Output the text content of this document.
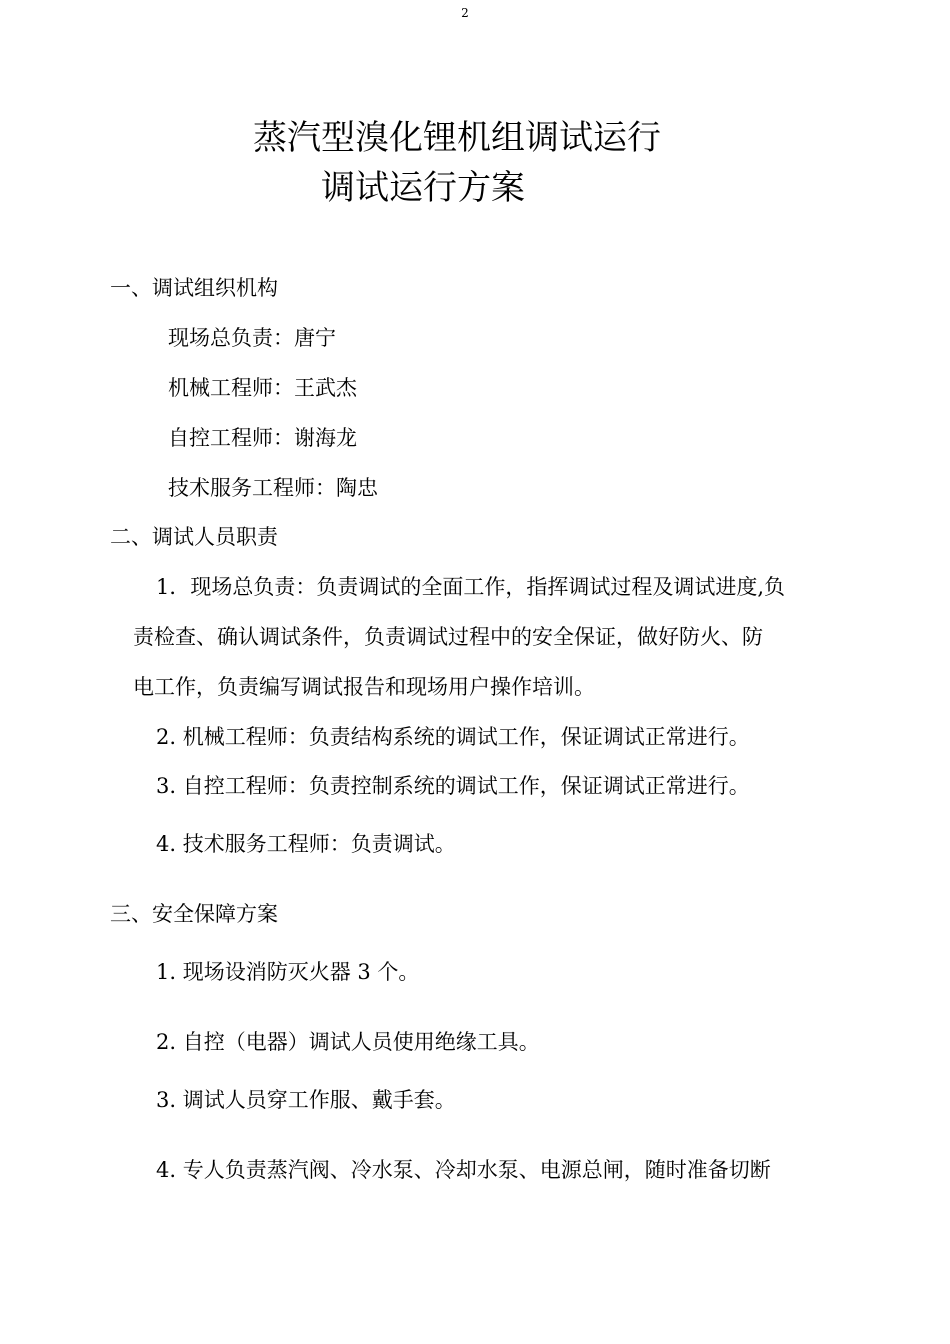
2
蒸汽型溴化锂机组调试运行
调试运行方案
一、调试组织机构
现场总负责：唐宁
机械工程师：王武杰
自控工程师：谢海龙
技术服务工程师：陶忠
二、调试人员职责
1．现场总负责：负责调试的全面工作，指挥调试过程及调试进度,负
责检查、确认调试条件，负责调试过程中的安全保证，做好防火、防
电工作，负责编写调试报告和现场用户操作培训。
2. 机械工程师：负责结构系统的调试工作，保证调试正常进行。
3. 自控工程师：负责控制系统的调试工作，保证调试正常进行。
4. 技术服务工程师：负责调试。
三、安全保障方案
1. 现场设消防灭火器 3 个。
2. 自控（电器）调试人员使用绝缘工具。
3. 调试人员穿工作服、戴手套。
4. 专人负责蒸汽阀、冷水泵、冷却水泵、电源总闸，随时准备切断
